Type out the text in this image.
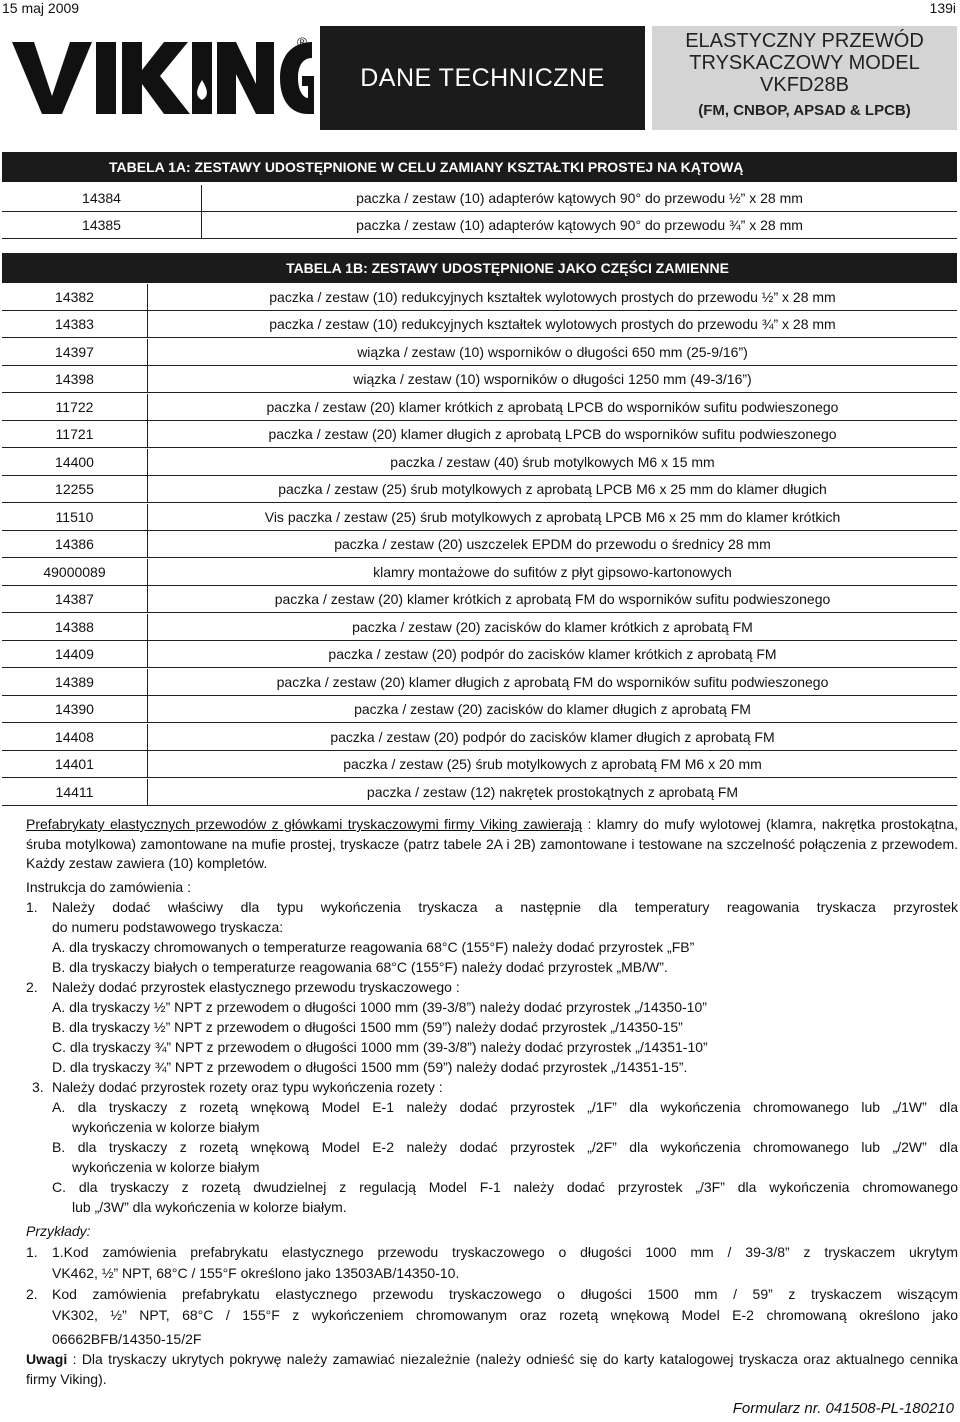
15 maj 2009	139i
®
DANE TECHNICZNE
ELASTYCZNY PRZEWÓD
TRYSKACZOWY MODEL
VKFD28B
(FM, CNBOP, APSAD & LPCB)
TABELA 1A: ZESTAWY UDOSTĘPNIONE W CELU ZAMIANY KSZTAŁTKI PROSTEJ NA KĄTOWĄ
14384	paczka / zestaw (10) adapterów kątowych 90° do przewodu ½” x 28 mm
14385	paczka / zestaw (10) adapterów kątowych 90° do przewodu ¾” x 28 mm
TABELA 1B: ZESTAWY UDOSTĘPNIONE JAKO CZĘŚCI ZAMIENNE
14382	paczka / zestaw (10) redukcyjnych kształtek wylotowych prostych do przewodu ½” x 28 mm
14383	paczka / zestaw (10) redukcyjnych kształtek wylotowych prostych do przewodu ¾” x 28 mm
14397	wiązka / zestaw (10) wsporników o długości 650 mm (25-9/16”)
14398	wiązka / zestaw (10) wsporników o długości 1250 mm (49-3/16”)
11722	paczka / zestaw (20) klamer krótkich z aprobatą LPCB do wsporników sufitu podwieszonego
11721	paczka / zestaw (20) klamer długich z aprobatą LPCB do wsporników sufitu podwieszonego
14400	paczka / zestaw (40) śrub motylkowych M6 x 15 mm
12255	paczka / zestaw (25) śrub motylkowych z aprobatą LPCB M6 x 25 mm do klamer długich
11510	Vis paczka / zestaw (25) śrub motylkowych z aprobatą LPCB M6 x 25 mm do klamer krótkich
14386	paczka / zestaw (20) uszczelek EPDM do przewodu o średnicy 28 mm
49000089	klamry montażowe do sufitów z płyt gipsowo-kartonowych
14387	paczka / zestaw (20) klamer krótkich z aprobatą FM do wsporników sufitu podwieszonego
14388	paczka / zestaw (20) zacisków do klamer krótkich z aprobatą FM
14409	paczka / zestaw (20) podpór do zacisków klamer krótkich z aprobatą FM
14389	paczka / zestaw (20) klamer długich z aprobatą FM do wsporników sufitu podwieszonego
14390	paczka / zestaw (20) zacisków do klamer długich z aprobatą FM
14408	paczka / zestaw (20) podpór do zacisków klamer długich z aprobatą FM
14401	paczka / zestaw (25) śrub motylkowych z aprobatą FM M6 x 20 mm
14411	paczka / zestaw (12) nakrętek prostokątnych z aprobatą FM
Prefabrykaty elastycznych przewodów z główkami tryskaczowymi firmy Viking zawierają : klamry do mufy wylotowej (klamra, nakrętka prostokątna, śruba motylkowa) zamontowane na mufie prostej, tryskacze (patrz tabele 2A i 2B) zamontowane i testowane na szczelność połączenia z przewodem. Każdy zestaw zawiera (10) kompletów.
Instrukcja do zamówienia :
1. Należy dodać właściwy dla typu wykończenia tryskacza a następnie dla temperatury reagowania tryskacza przyrostek
do numeru podstawowego tryskacza:
A. dla tryskaczy chromowanych o temperaturze reagowania 68°C (155°F) należy dodać przyrostek „FB”
B. dla tryskaczy białych o temperaturze reagowania 68°C (155°F) należy dodać przyrostek „MB/W”.
2. Należy dodać przyrostek elastycznego przewodu tryskaczowego :
A. dla tryskaczy ½” NPT z przewodem o długości 1000 mm (39-3/8”) należy dodać przyrostek „/14350-10”
B. dla tryskaczy ½” NPT z przewodem o długości 1500 mm (59”) należy dodać przyrostek „/14350-15”
C. dla tryskaczy ¾” NPT z przewodem o długości 1000 mm (39-3/8”) należy dodać przyrostek „/14351-10”
D. dla tryskaczy ¾” NPT z przewodem o długości 1500 mm (59”) należy dodać przyrostek „/14351-15”.
3. Należy dodać przyrostek rozety oraz typu wykończenia rozety :
A. dla tryskaczy z rozetą wnękową Model E-1 należy dodać przyrostek „/1F” dla wykończenia chromowanego lub „/1W” dla
wykończenia w kolorze białym
B. dla tryskaczy z rozetą wnękową Model E-2 należy dodać przyrostek „/2F” dla wykończenia chromowanego lub „/2W” dla
wykończenia w kolorze białym
C. dla tryskaczy z rozetą dwudzielnej z regulacją Model F-1 należy dodać przyrostek „/3F” dla wykończenia chromowanego
lub „/3W” dla wykończenia w kolorze białym.
Przykłady:
1. 1.Kod zamówienia prefabrykatu elastycznego przewodu tryskaczowego o długości 1000 mm / 39-3/8” z tryskaczem ukrytym
VK462, ½” NPT, 68°C / 155°F określono jako 13503AB/14350-10.
2. Kod zamówienia prefabrykatu elastycznego przewodu tryskaczowego o długości 1500 mm / 59” z tryskaczem wiszącym
VK302, ½” NPT, 68°C / 155°F z wykończeniem chromowanym oraz rozetą wnękową Model E-2 chromowaną określono jako
06662BFB/14350-15/2F
Uwagi : Dla tryskaczy ukrytych pokrywę należy zamawiać niezależnie (należy odnieść się do karty katalogowej tryskacza oraz aktualnego cennika firmy Viking).
Formularz nr. 041508-PL-180210
